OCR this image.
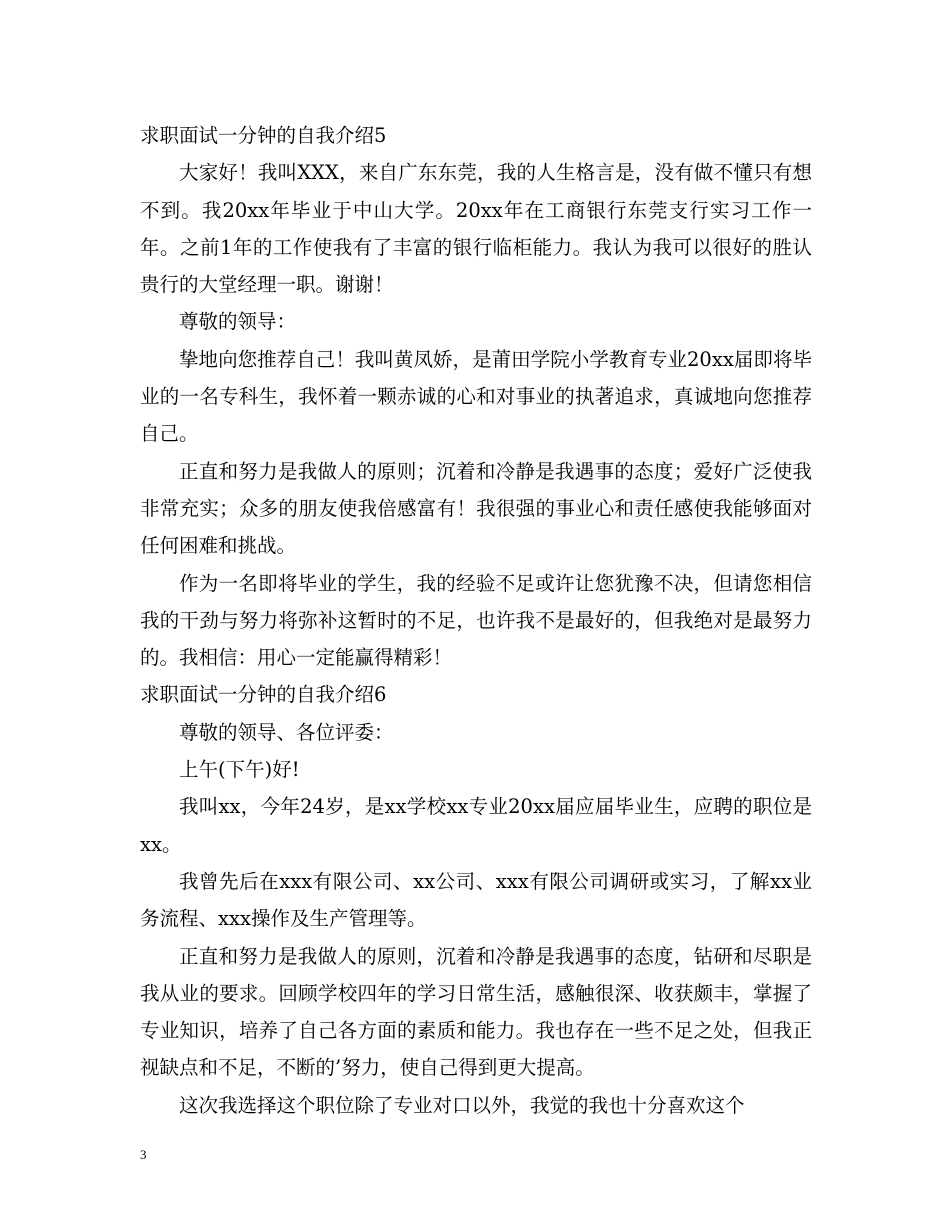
求职面试一分钟的自我介绍5

大家好！我叫XXX，来自广东东莞，我的人生格言是，没有做不懂只有想不到。我20xx年毕业于中山大学。20xx年在工商银行东莞支行实习工作一年。之前1年的工作使我有了丰富的银行临柜能力。我认为我可以很好的胜认贵行的大堂经理一职。谢谢！

尊敬的领导：

挚地向您推荐自己！我叫黄凤娇，是莆田学院小学教育专业20xx届即将毕业的一名专科生，我怀着一颗赤诚的心和对事业的执著追求，真诚地向您推荐自己。

正直和努力是我做人的原则；沉着和冷静是我遇事的态度；爱好广泛使我非常充实；众多的朋友使我倍感富有！我很强的事业心和责任感使我能够面对任何困难和挑战。

作为一名即将毕业的学生，我的经验不足或许让您犹豫不决，但请您相信我的干劲与努力将弥补这暂时的不足，也许我不是最好的，但我绝对是最努力的。我相信：用心一定能赢得精彩！

求职面试一分钟的自我介绍6

尊敬的领导、各位评委：

上午(下午)好!

我叫xx，今年24岁，是xx学校xx专业20xx届应届毕业生，应聘的职位是xx。

我曾先后在xxx有限公司、xx公司、xxx有限公司调研或实习，了解xx业务流程、xxx操作及生产管理等。

正直和努力是我做人的原则，沉着和冷静是我遇事的态度，钻研和尽职是我从业的要求。回顾学校四年的学习日常生活，感触很深、收获颇丰，掌握了专业知识，培养了自己各方面的素质和能力。我也存在一些不足之处，但我正视缺点和不足，不断的’努力，使自己得到更大提高。

这次我选择这个职位除了专业对口以外，我觉的我也十分喜欢这个

3
